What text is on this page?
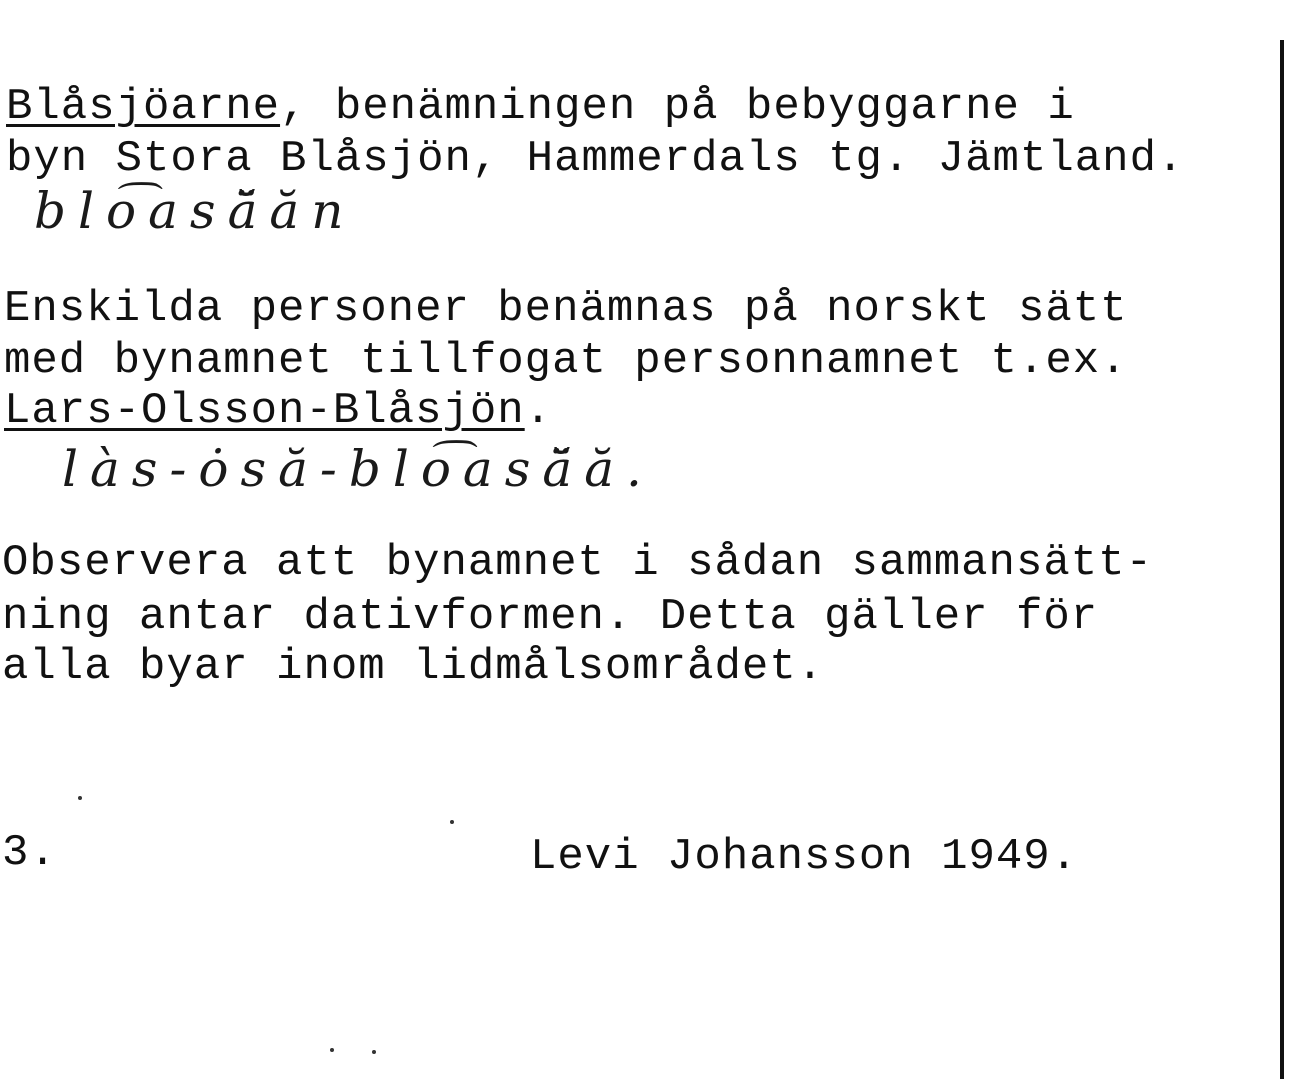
Blåsjöarne, benämningen på bebyggarne i

byn Stora Blåsjön, Hammerdals tg. Jämtland.

blo͡asä̆ăn

Enskilda personer benämnas på norskt sätt

med bynamnet tillfogat personnamnet t.ex.

Lars-Olsson-Blåsjön.

làs-ȯsă-blo͡asä̆ă.

Observera att bynamnet i sådan sammansätt-

ning antar dativformen. Detta gäller för

alla byar inom lidmålsområdet.

3.	Levi Johansson 1949.
